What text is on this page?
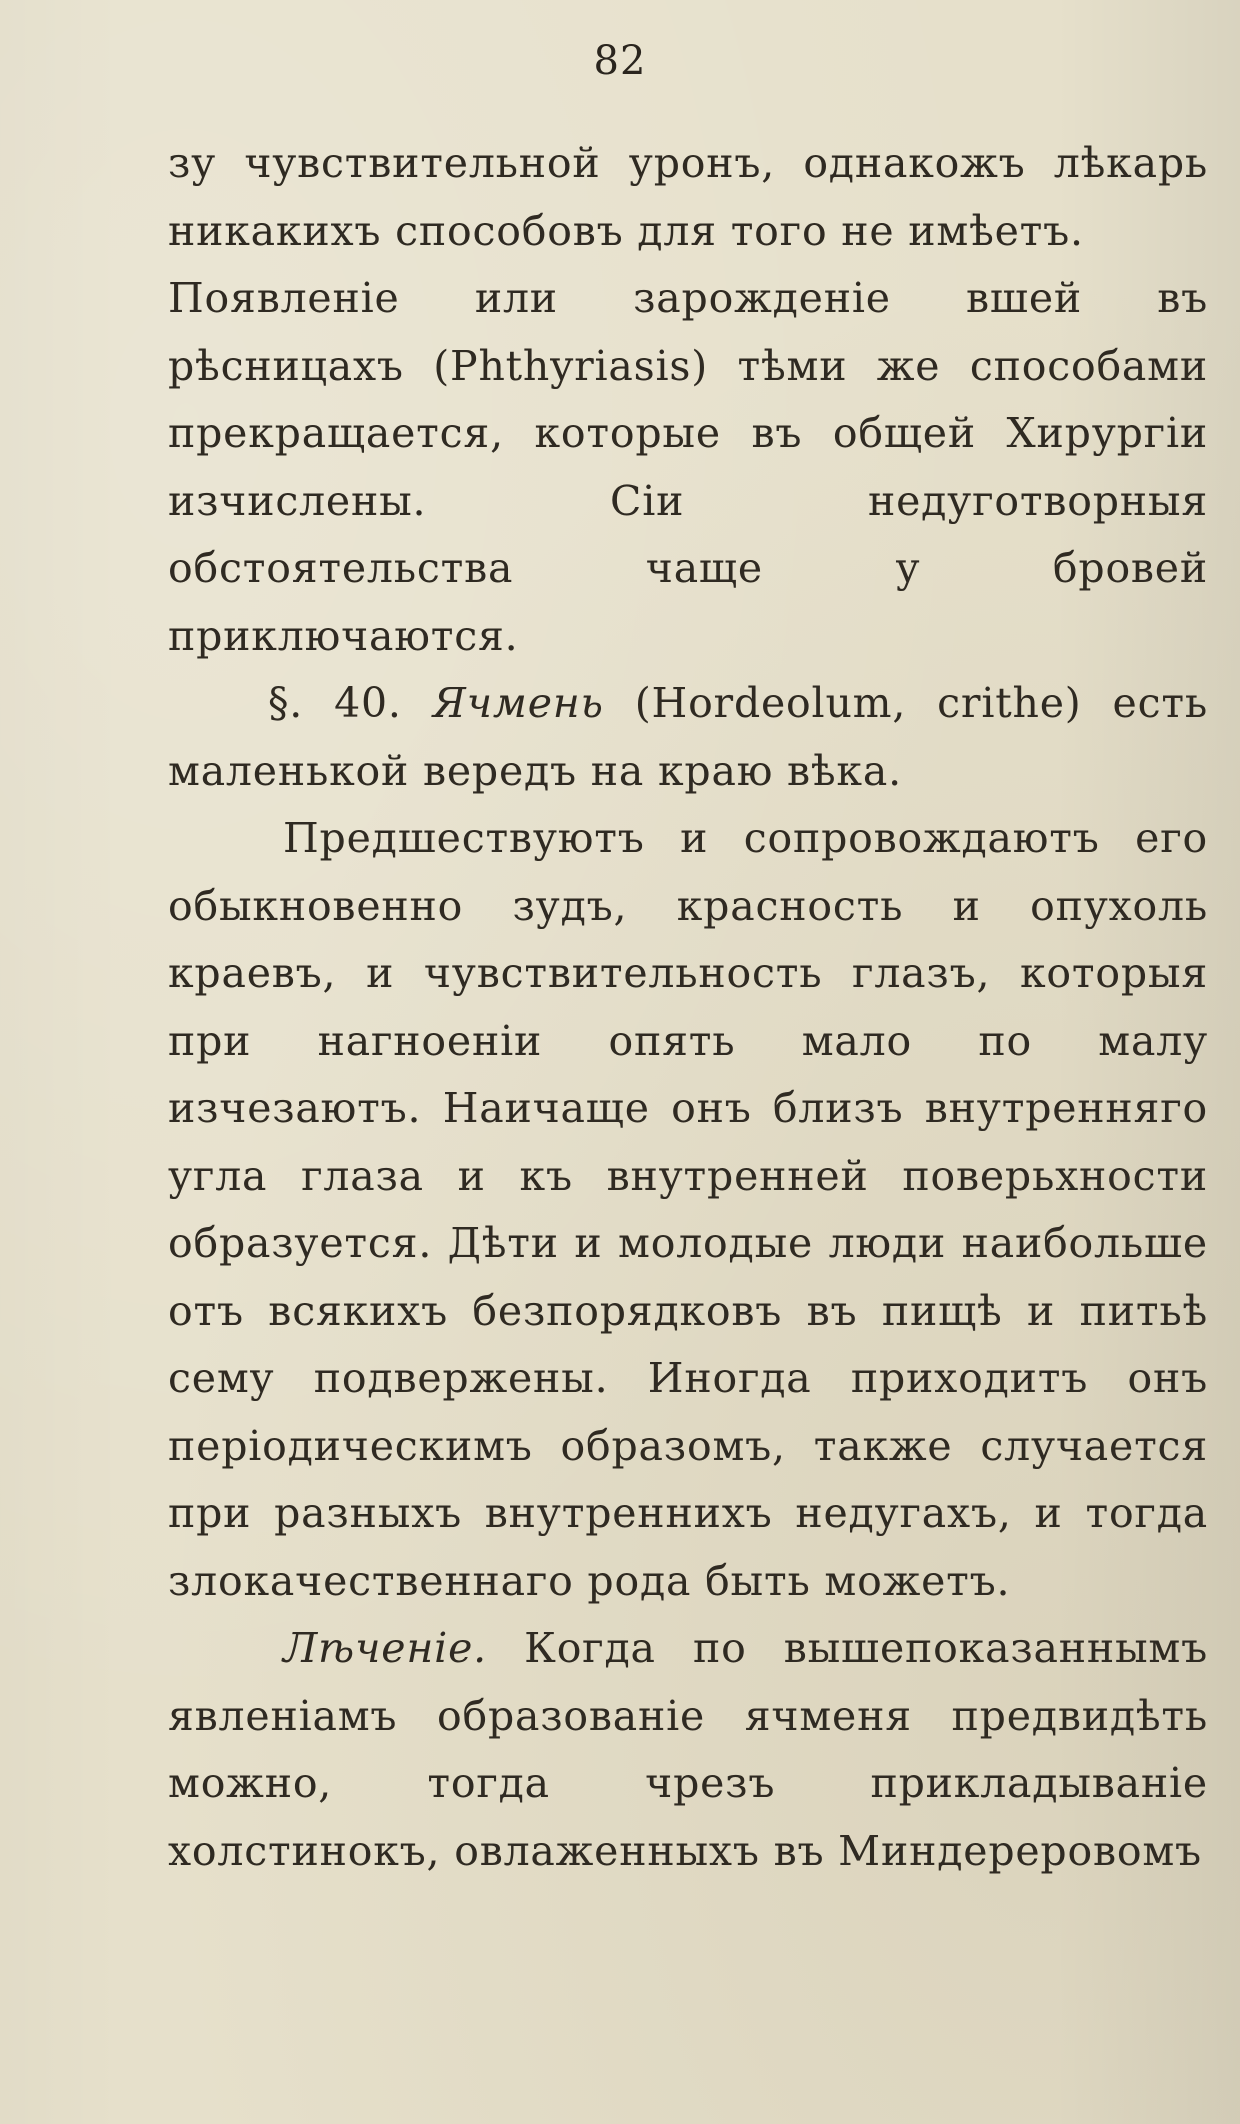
82

зу чувствительной уронъ, однакожъ лѣкарь никакихъ способовъ для того не имѣетъ.

Появленіе или зарожденіе вшей въ рѣсницахъ (Phthyriasis) тѣми же способами прекращается, которые въ общей Хирургіи изчислены. Сіи недуготворныя обстоятельства чаще у бровей приключаются.

§. 40. Ячмень (Hordeolum, crithe) есть маленькой вередъ на краю вѣка.

Предшествуютъ и сопровождаютъ его обыкновенно зудъ, красность и опухоль краевъ, и чувствительность глазъ, которыя при нагноеніи опять мало по малу изчезаютъ. Наичаще онъ близъ внутренняго угла глаза и къ внутренней поверьхности образуется. Дѣти и молодые люди наибольше отъ всякихъ безпорядковъ въ пищѣ и питьѣ сему подвержены. Иногда приходитъ онъ періодическимъ образомъ, также случается при разныхъ внутреннихъ недугахъ, и тогда злокачественнаго рода быть можетъ.

Лѣченіе. Когда по вышепоказаннымъ явленіамъ образованіе ячменя предвидѣть можно, тогда чрезъ прикладываніе холстинокъ, овлаженныхъ въ Миндереровомъ
